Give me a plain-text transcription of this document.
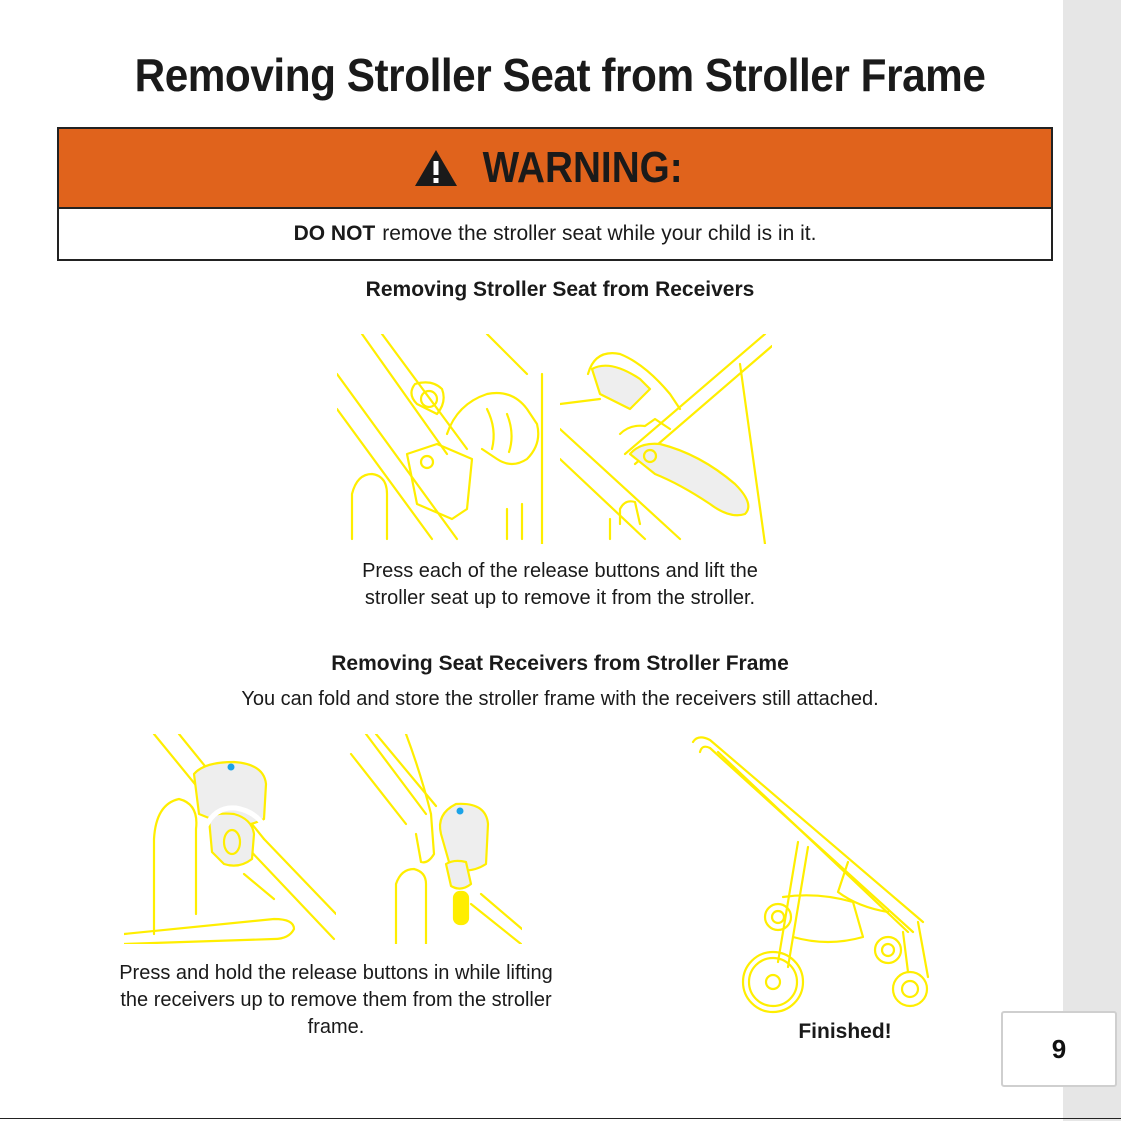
Removing Stroller Seat from Stroller Frame
WARNING:
DO NOT remove the stroller seat while your child is in it.
Removing Stroller Seat from Receivers
Press each of the release buttons and lift the
stroller seat up to remove it from the stroller.
Removing Seat Receivers from Stroller Frame
You can fold and store the stroller frame with the receivers still attached.
Press and hold the release buttons in while lifting
the receivers up to remove them from the stroller
frame.	Finished!
9
